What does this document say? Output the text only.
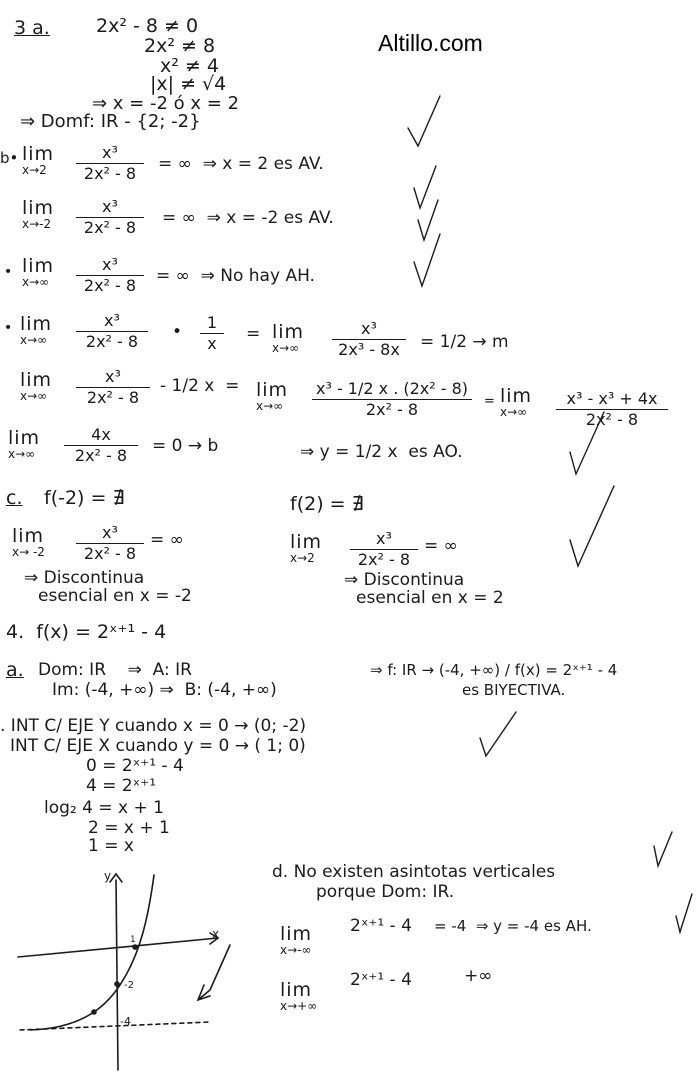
Altillo.com
3 a. 2x² - 8 ≠ 0
2x² ≠ 8
x² ≠ 4
|x| ≠ √4
⇒ x = -2 ó x = 2
⇒ Domf: IR - {2; -2}
b• lim
x→2
x³
2x² - 8	= ∞  ⇒ x = 2 es AV.
lim
x→-2
x³
2x² - 8	= ∞  ⇒ x = -2 es AV.
• lim
x→∞
x³
2x² - 8	= ∞  ⇒ No hay AH.
• lim
x→∞
x³
2x² - 8	•	1
x	= lim
x→∞
x³
2x³ - 8x	= 1/2 → m
lim
x→∞
x³
2x² - 8
- 1/2 x  = lim
x→∞
x³ - 1/2 x . (2x² - 8)
2x² - 8	= lim
x→∞
x³ - x³ + 4x
2x² - 8
lim
x→∞
4x
2x² - 8	= 0 → b	⇒ y = 1/2 x  es AO.
c. f(-2) = ∄	f(2) = ∄
lim
x→ -2
x³
2x² - 8
= ∞	lim
x→2
x³
2x² - 8
= ∞
⇒ Discontinua
esencial en x = -2
⇒ Discontinua
esencial en x = 2
4.  f(x) = 2ˣ⁺¹ - 4
a. Dom: IR    ⇒  A: IR
Im: (-4, +∞) ⇒  B: (-4, +∞)
⇒ f: IR → (-4, +∞) / f(x) = 2ˣ⁺¹ - 4
es BIYECTIVA.
. INT C/ EJE Y cuando x = 0 → (0; -2)
INT C/ EJE X cuando y = 0 → ( 1; 0)
0 = 2ˣ⁺¹ - 4
4 = 2ˣ⁺¹
log₂ 4 = x + 1
2 = x + 1
1 = x
d. No existen asintotas verticales
porque Dom: IR.
lim
x→-∞
2ˣ⁺¹ - 4 = -4  ⇒ y = -4 es AH.
lim
x→+∞
2ˣ⁺¹ - 4	+∞
y
x
-2
-4
1
